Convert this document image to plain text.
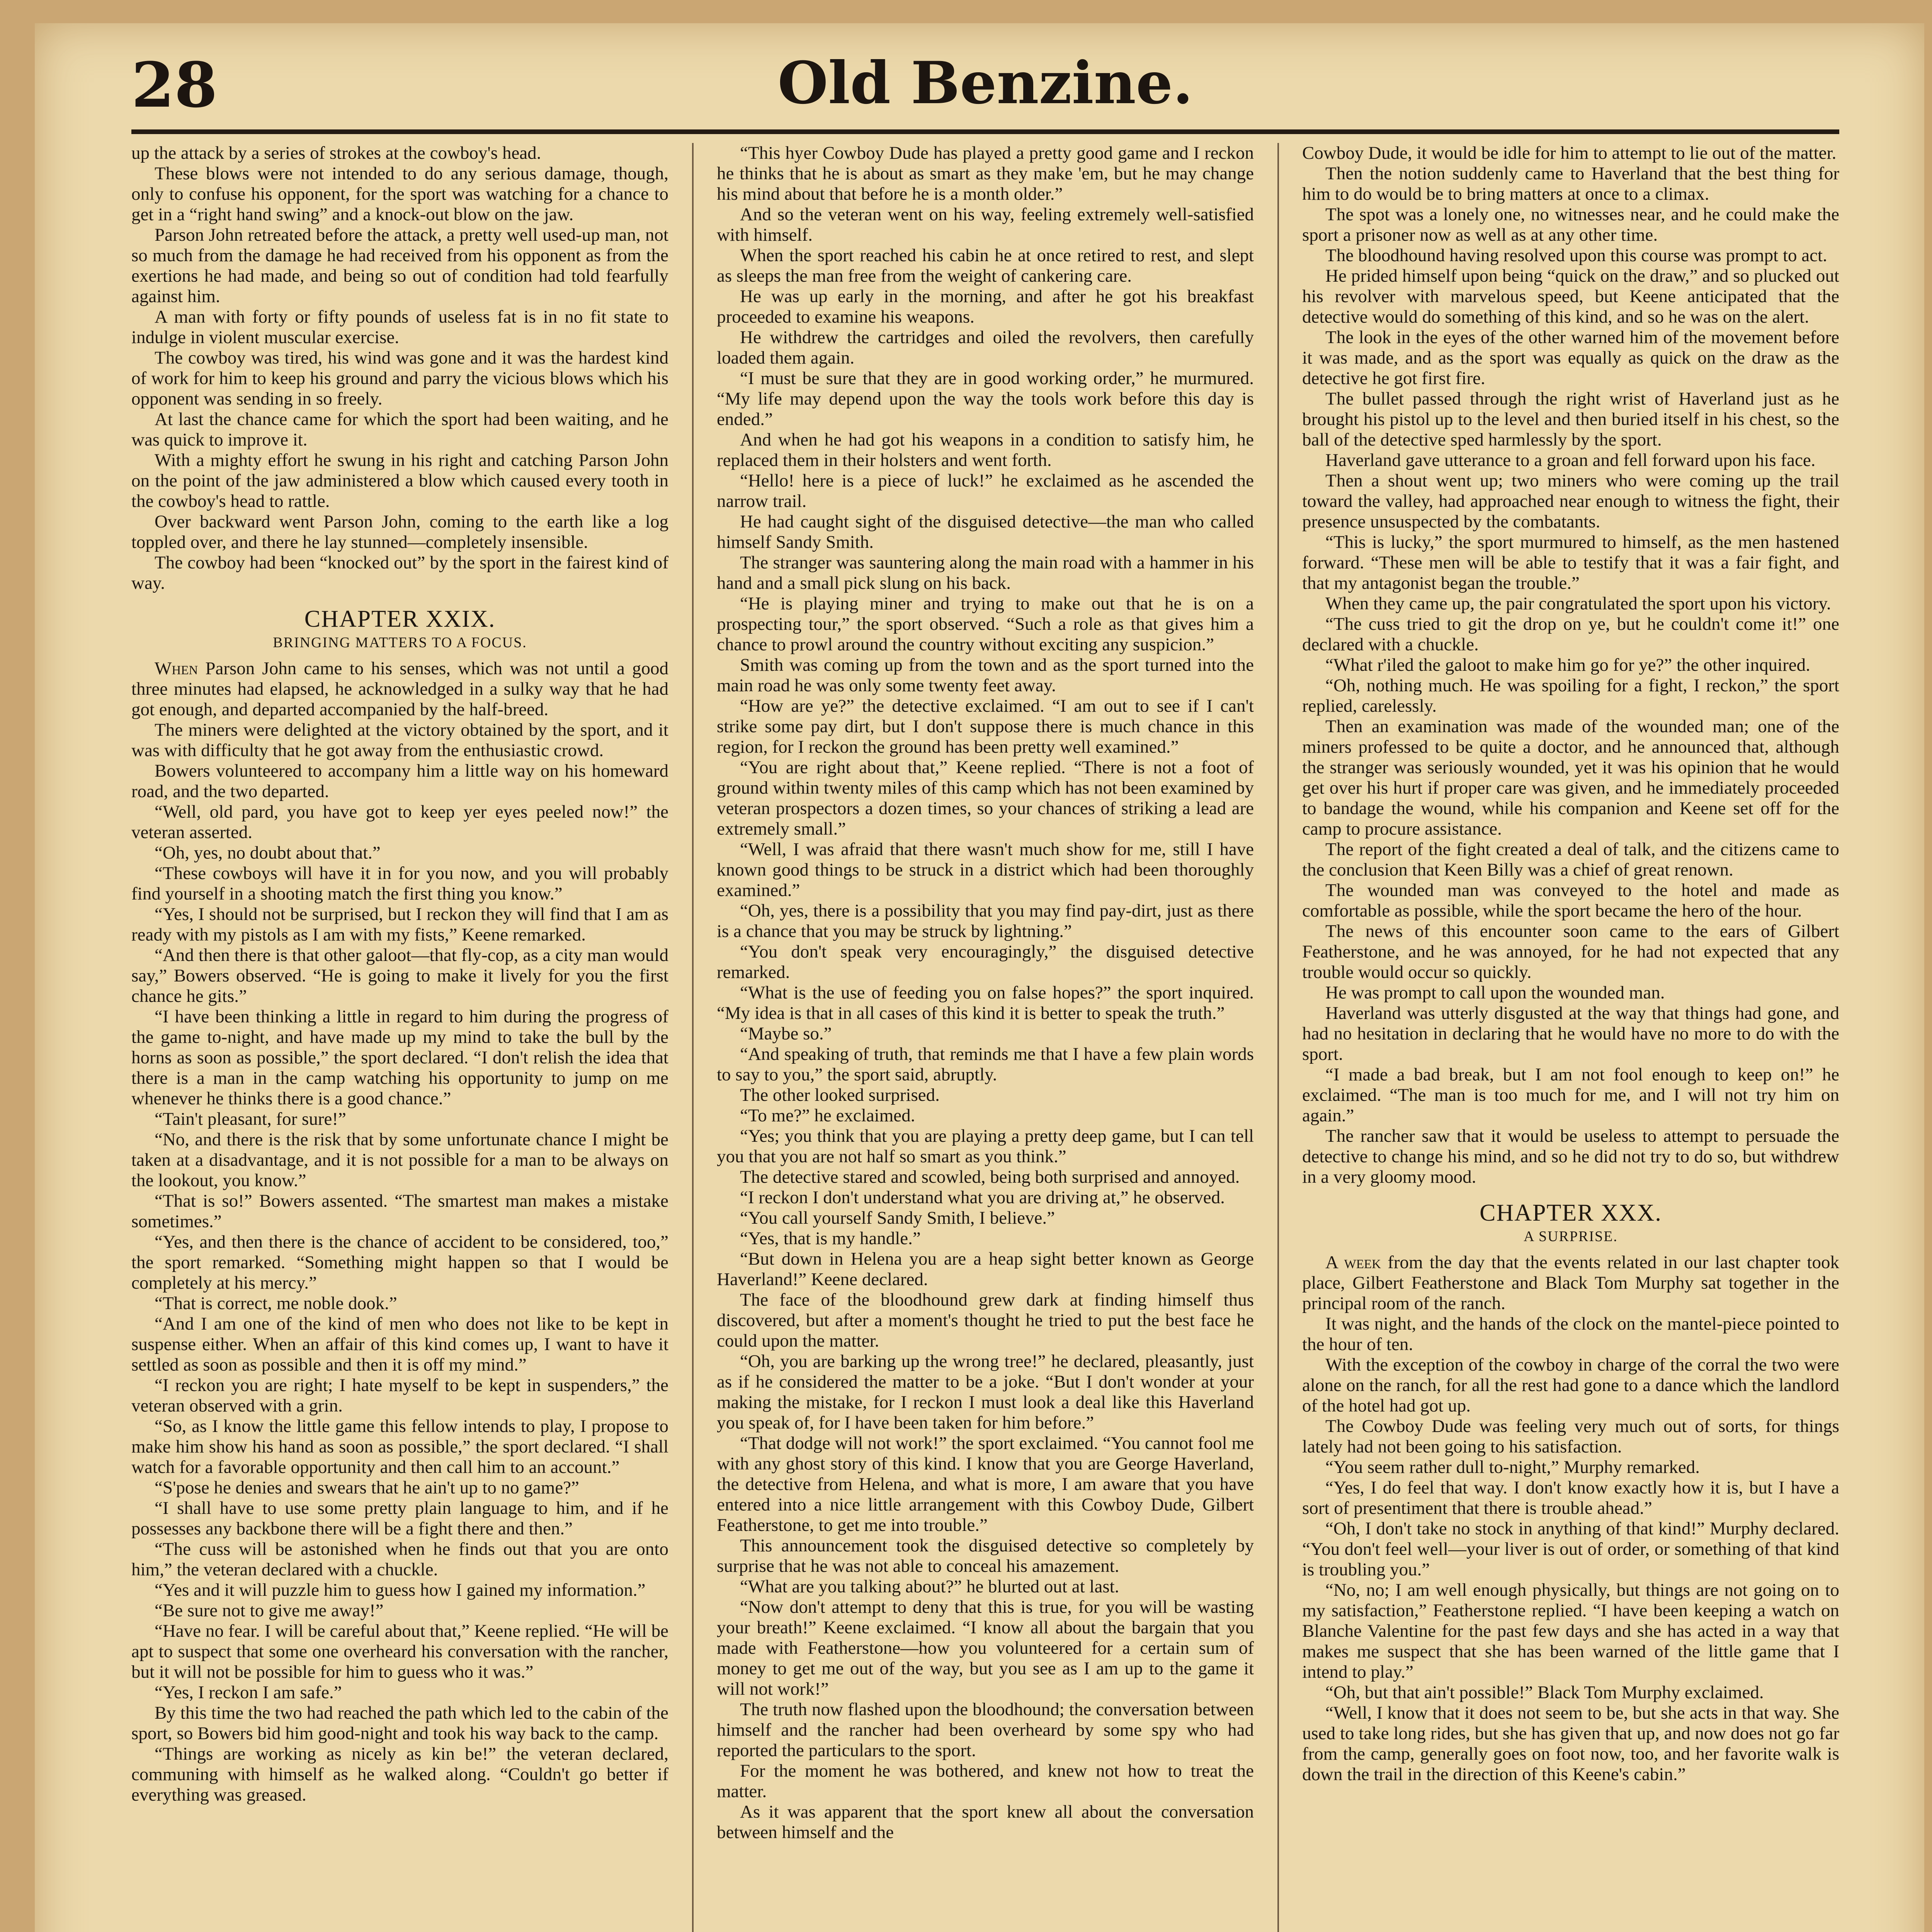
28	Old Benzine.

up the attack by a series of strokes at the cowboy's head.

These blows were not intended to do any serious damage, though, only to confuse his opponent, for the sport was watching for a chance to get in a “right hand swing” and a knock-out blow on the jaw.

Parson John retreated before the attack, a pretty well used-up man, not so much from the damage he had received from his opponent as from the exertions he had made, and being so out of condition had told fearfully against him.

A man with forty or fifty pounds of useless fat is in no fit state to indulge in violent muscular exercise.

The cowboy was tired, his wind was gone and it was the hardest kind of work for him to keep his ground and parry the vicious blows which his opponent was sending in so freely.

At last the chance came for which the sport had been waiting, and he was quick to improve it.

With a mighty effort he swung in his right and catching Parson John on the point of the jaw administered a blow which caused every tooth in the cowboy's head to rattle.

Over backward went Parson John, coming to the earth like a log toppled over, and there he lay stunned—completely insensible.

The cowboy had been “knocked out” by the sport in the fairest kind of way.

CHAPTER XXIX.
BRINGING MATTERS TO A FOCUS.

When Parson John came to his senses, which was not until a good three minutes had elapsed, he acknowledged in a sulky way that he had got enough, and departed accompanied by the half-breed.

The miners were delighted at the victory obtained by the sport, and it was with difficulty that he got away from the enthusiastic crowd.

Bowers volunteered to accompany him a little way on his homeward road, and the two departed.

“Well, old pard, you have got to keep yer eyes peeled now!” the veteran asserted.

“Oh, yes, no doubt about that.”

“These cowboys will have it in for you now, and you will probably find yourself in a shooting match the first thing you know.”

“Yes, I should not be surprised, but I reckon they will find that I am as ready with my pistols as I am with my fists,” Keene remarked.

“And then there is that other galoot—that fly-cop, as a city man would say,” Bowers observed. “He is going to make it lively for you the first chance he gits.”

“I have been thinking a little in regard to him during the progress of the game to-night, and have made up my mind to take the bull by the horns as soon as possible,” the sport declared. “I don't relish the idea that there is a man in the camp watching his opportunity to jump on me whenever he thinks there is a good chance.”

“Tain't pleasant, for sure!”

“No, and there is the risk that by some unfortunate chance I might be taken at a disadvantage, and it is not possible for a man to be always on the lookout, you know.”

“That is so!” Bowers assented. “The smartest man makes a mistake sometimes.”

“Yes, and then there is the chance of accident to be considered, too,” the sport remarked. “Something might happen so that I would be completely at his mercy.”

“That is correct, me noble dook.”

“And I am one of the kind of men who does not like to be kept in suspense either. When an affair of this kind comes up, I want to have it settled as soon as possible and then it is off my mind.”

“I reckon you are right; I hate myself to be kept in suspenders,” the veteran observed with a grin.

“So, as I know the little game this fellow intends to play, I propose to make him show his hand as soon as possible,” the sport declared. “I shall watch for a favorable opportunity and then call him to an account.”

“S'pose he denies and swears that he ain't up to no game?”

“I shall have to use some pretty plain language to him, and if he possesses any backbone there will be a fight there and then.”

“The cuss will be astonished when he finds out that you are onto him,” the veteran declared with a chuckle.

“Yes and it will puzzle him to guess how I gained my information.”

“Be sure not to give me away!”

“Have no fear. I will be careful about that,” Keene replied. “He will be apt to suspect that some one overheard his conversation with the rancher, but it will not be possible for him to guess who it was.”

“Yes, I reckon I am safe.”

By this time the two had reached the path which led to the cabin of the sport, so Bowers bid him good-night and took his way back to the camp.

“Things are working as nicely as kin be!” the veteran declared, communing with himself as he walked along. “Couldn't go better if everything was greased.

“This hyer Cowboy Dude has played a pretty good game and I reckon he thinks that he is about as smart as they make 'em, but he may change his mind about that before he is a month older.”

And so the veteran went on his way, feeling extremely well-satisfied with himself.

When the sport reached his cabin he at once retired to rest, and slept as sleeps the man free from the weight of cankering care.

He was up early in the morning, and after he got his breakfast proceeded to examine his weapons.

He withdrew the cartridges and oiled the revolvers, then carefully loaded them again.

“I must be sure that they are in good working order,” he murmured. “My life may depend upon the way the tools work before this day is ended.”

And when he had got his weapons in a condition to satisfy him, he replaced them in their holsters and went forth.

“Hello! here is a piece of luck!” he exclaimed as he ascended the narrow trail.

He had caught sight of the disguised detective—the man who called himself Sandy Smith.

The stranger was sauntering along the main road with a hammer in his hand and a small pick slung on his back.

“He is playing miner and trying to make out that he is on a prospecting tour,” the sport observed. “Such a role as that gives him a chance to prowl around the country without exciting any suspicion.”

Smith was coming up from the town and as the sport turned into the main road he was only some twenty feet away.

“How are ye?” the detective exclaimed. “I am out to see if I can't strike some pay dirt, but I don't suppose there is much chance in this region, for I reckon the ground has been pretty well examined.”

“You are right about that,” Keene replied. “There is not a foot of ground within twenty miles of this camp which has not been examined by veteran prospectors a dozen times, so your chances of striking a lead are extremely small.”

“Well, I was afraid that there wasn't much show for me, still I have known good things to be struck in a district which had been thoroughly examined.”

“Oh, yes, there is a possibility that you may find pay-dirt, just as there is a chance that you may be struck by lightning.”

“You don't speak very encouragingly,” the disguised detective remarked.

“What is the use of feeding you on false hopes?” the sport inquired. “My idea is that in all cases of this kind it is better to speak the truth.”

“Maybe so.”

“And speaking of truth, that reminds me that I have a few plain words to say to you,” the sport said, abruptly.

The other looked surprised.

“To me?” he exclaimed.

“Yes; you think that you are playing a pretty deep game, but I can tell you that you are not half so smart as you think.”

The detective stared and scowled, being both surprised and annoyed.

“I reckon I don't understand what you are driving at,” he observed.

“You call yourself Sandy Smith, I believe.”

“Yes, that is my handle.”

“But down in Helena you are a heap sight better known as George Haverland!” Keene declared.

The face of the bloodhound grew dark at finding himself thus discovered, but after a moment's thought he tried to put the best face he could upon the matter.

“Oh, you are barking up the wrong tree!” he declared, pleasantly, just as if he considered the matter to be a joke. “But I don't wonder at your making the mistake, for I reckon I must look a deal like this Haverland you speak of, for I have been taken for him before.”

“That dodge will not work!” the sport exclaimed. “You cannot fool me with any ghost story of this kind. I know that you are George Haverland, the detective from Helena, and what is more, I am aware that you have entered into a nice little arrangement with this Cowboy Dude, Gilbert Featherstone, to get me into trouble.”

This announcement took the disguised detective so completely by surprise that he was not able to conceal his amazement.

“What are you talking about?” he blurted out at last.

“Now don't attempt to deny that this is true, for you will be wasting your breath!” Keene exclaimed. “I know all about the bargain that you made with Featherstone—how you volunteered for a certain sum of money to get me out of the way, but you see as I am up to the game it will not work!”

The truth now flashed upon the bloodhound; the conversation between himself and the rancher had been overheard by some spy who had reported the particulars to the sport.

For the moment he was bothered, and knew not how to treat the matter.

As it was apparent that the sport knew all about the conversation between himself and the

Cowboy Dude, it would be idle for him to attempt to lie out of the matter.

Then the notion suddenly came to Haverland that the best thing for him to do would be to bring matters at once to a climax.

The spot was a lonely one, no witnesses near, and he could make the sport a prisoner now as well as at any other time.

The bloodhound having resolved upon this course was prompt to act.

He prided himself upon being “quick on the draw,” and so plucked out his revolver with marvelous speed, but Keene anticipated that the detective would do something of this kind, and so he was on the alert.

The look in the eyes of the other warned him of the movement before it was made, and as the sport was equally as quick on the draw as the detective he got first fire.

The bullet passed through the right wrist of Haverland just as he brought his pistol up to the level and then buried itself in his chest, so the ball of the detective sped harmlessly by the sport.

Haverland gave utterance to a groan and fell forward upon his face.

Then a shout went up; two miners who were coming up the trail toward the valley, had approached near enough to witness the fight, their presence unsuspected by the combatants.

“This is lucky,” the sport murmured to himself, as the men hastened forward. “These men will be able to testify that it was a fair fight, and that my antagonist began the trouble.”

When they came up, the pair congratulated the sport upon his victory.

“The cuss tried to git the drop on ye, but he couldn't come it!” one declared with a chuckle.

“What r'iled the galoot to make him go for ye?” the other inquired.

“Oh, nothing much. He was spoiling for a fight, I reckon,” the sport replied, carelessly.

Then an examination was made of the wounded man; one of the miners professed to be quite a doctor, and he announced that, although the stranger was seriously wounded, yet it was his opinion that he would get over his hurt if proper care was given, and he immediately proceeded to bandage the wound, while his companion and Keene set off for the camp to procure assistance.

The report of the fight created a deal of talk, and the citizens came to the conclusion that Keen Billy was a chief of great renown.

The wounded man was conveyed to the hotel and made as comfortable as possible, while the sport became the hero of the hour.

The news of this encounter soon came to the ears of Gilbert Featherstone, and he was annoyed, for he had not expected that any trouble would occur so quickly.

He was prompt to call upon the wounded man.

Haverland was utterly disgusted at the way that things had gone, and had no hesitation in declaring that he would have no more to do with the sport.

“I made a bad break, but I am not fool enough to keep on!” he exclaimed. “The man is too much for me, and I will not try him on again.”

The rancher saw that it would be useless to attempt to persuade the detective to change his mind, and so he did not try to do so, but withdrew in a very gloomy mood.

CHAPTER XXX.
A SURPRISE.

A week from the day that the events related in our last chapter took place, Gilbert Featherstone and Black Tom Murphy sat together in the principal room of the ranch.

It was night, and the hands of the clock on the mantel-piece pointed to the hour of ten.

With the exception of the cowboy in charge of the corral the two were alone on the ranch, for all the rest had gone to a dance which the landlord of the hotel had got up.

The Cowboy Dude was feeling very much out of sorts, for things lately had not been going to his satisfaction.

“You seem rather dull to-night,” Murphy remarked.

“Yes, I do feel that way. I don't know exactly how it is, but I have a sort of presentiment that there is trouble ahead.”

“Oh, I don't take no stock in anything of that kind!” Murphy declared. “You don't feel well—your liver is out of order, or something of that kind is troubling you.”

“No, no; I am well enough physically, but things are not going on to my satisfaction,” Featherstone replied. “I have been keeping a watch on Blanche Valentine for the past few days and she has acted in a way that makes me suspect that she has been warned of the little game that I intend to play.”

“Oh, but that ain't possible!” Black Tom Murphy exclaimed.

“Well, I know that it does not seem to be, but she acts in that way. She used to take long rides, but she has given that up, and now does not go far from the camp, generally goes on foot now, too, and her favorite walk is down the trail in the direction of this Keene's cabin.”
